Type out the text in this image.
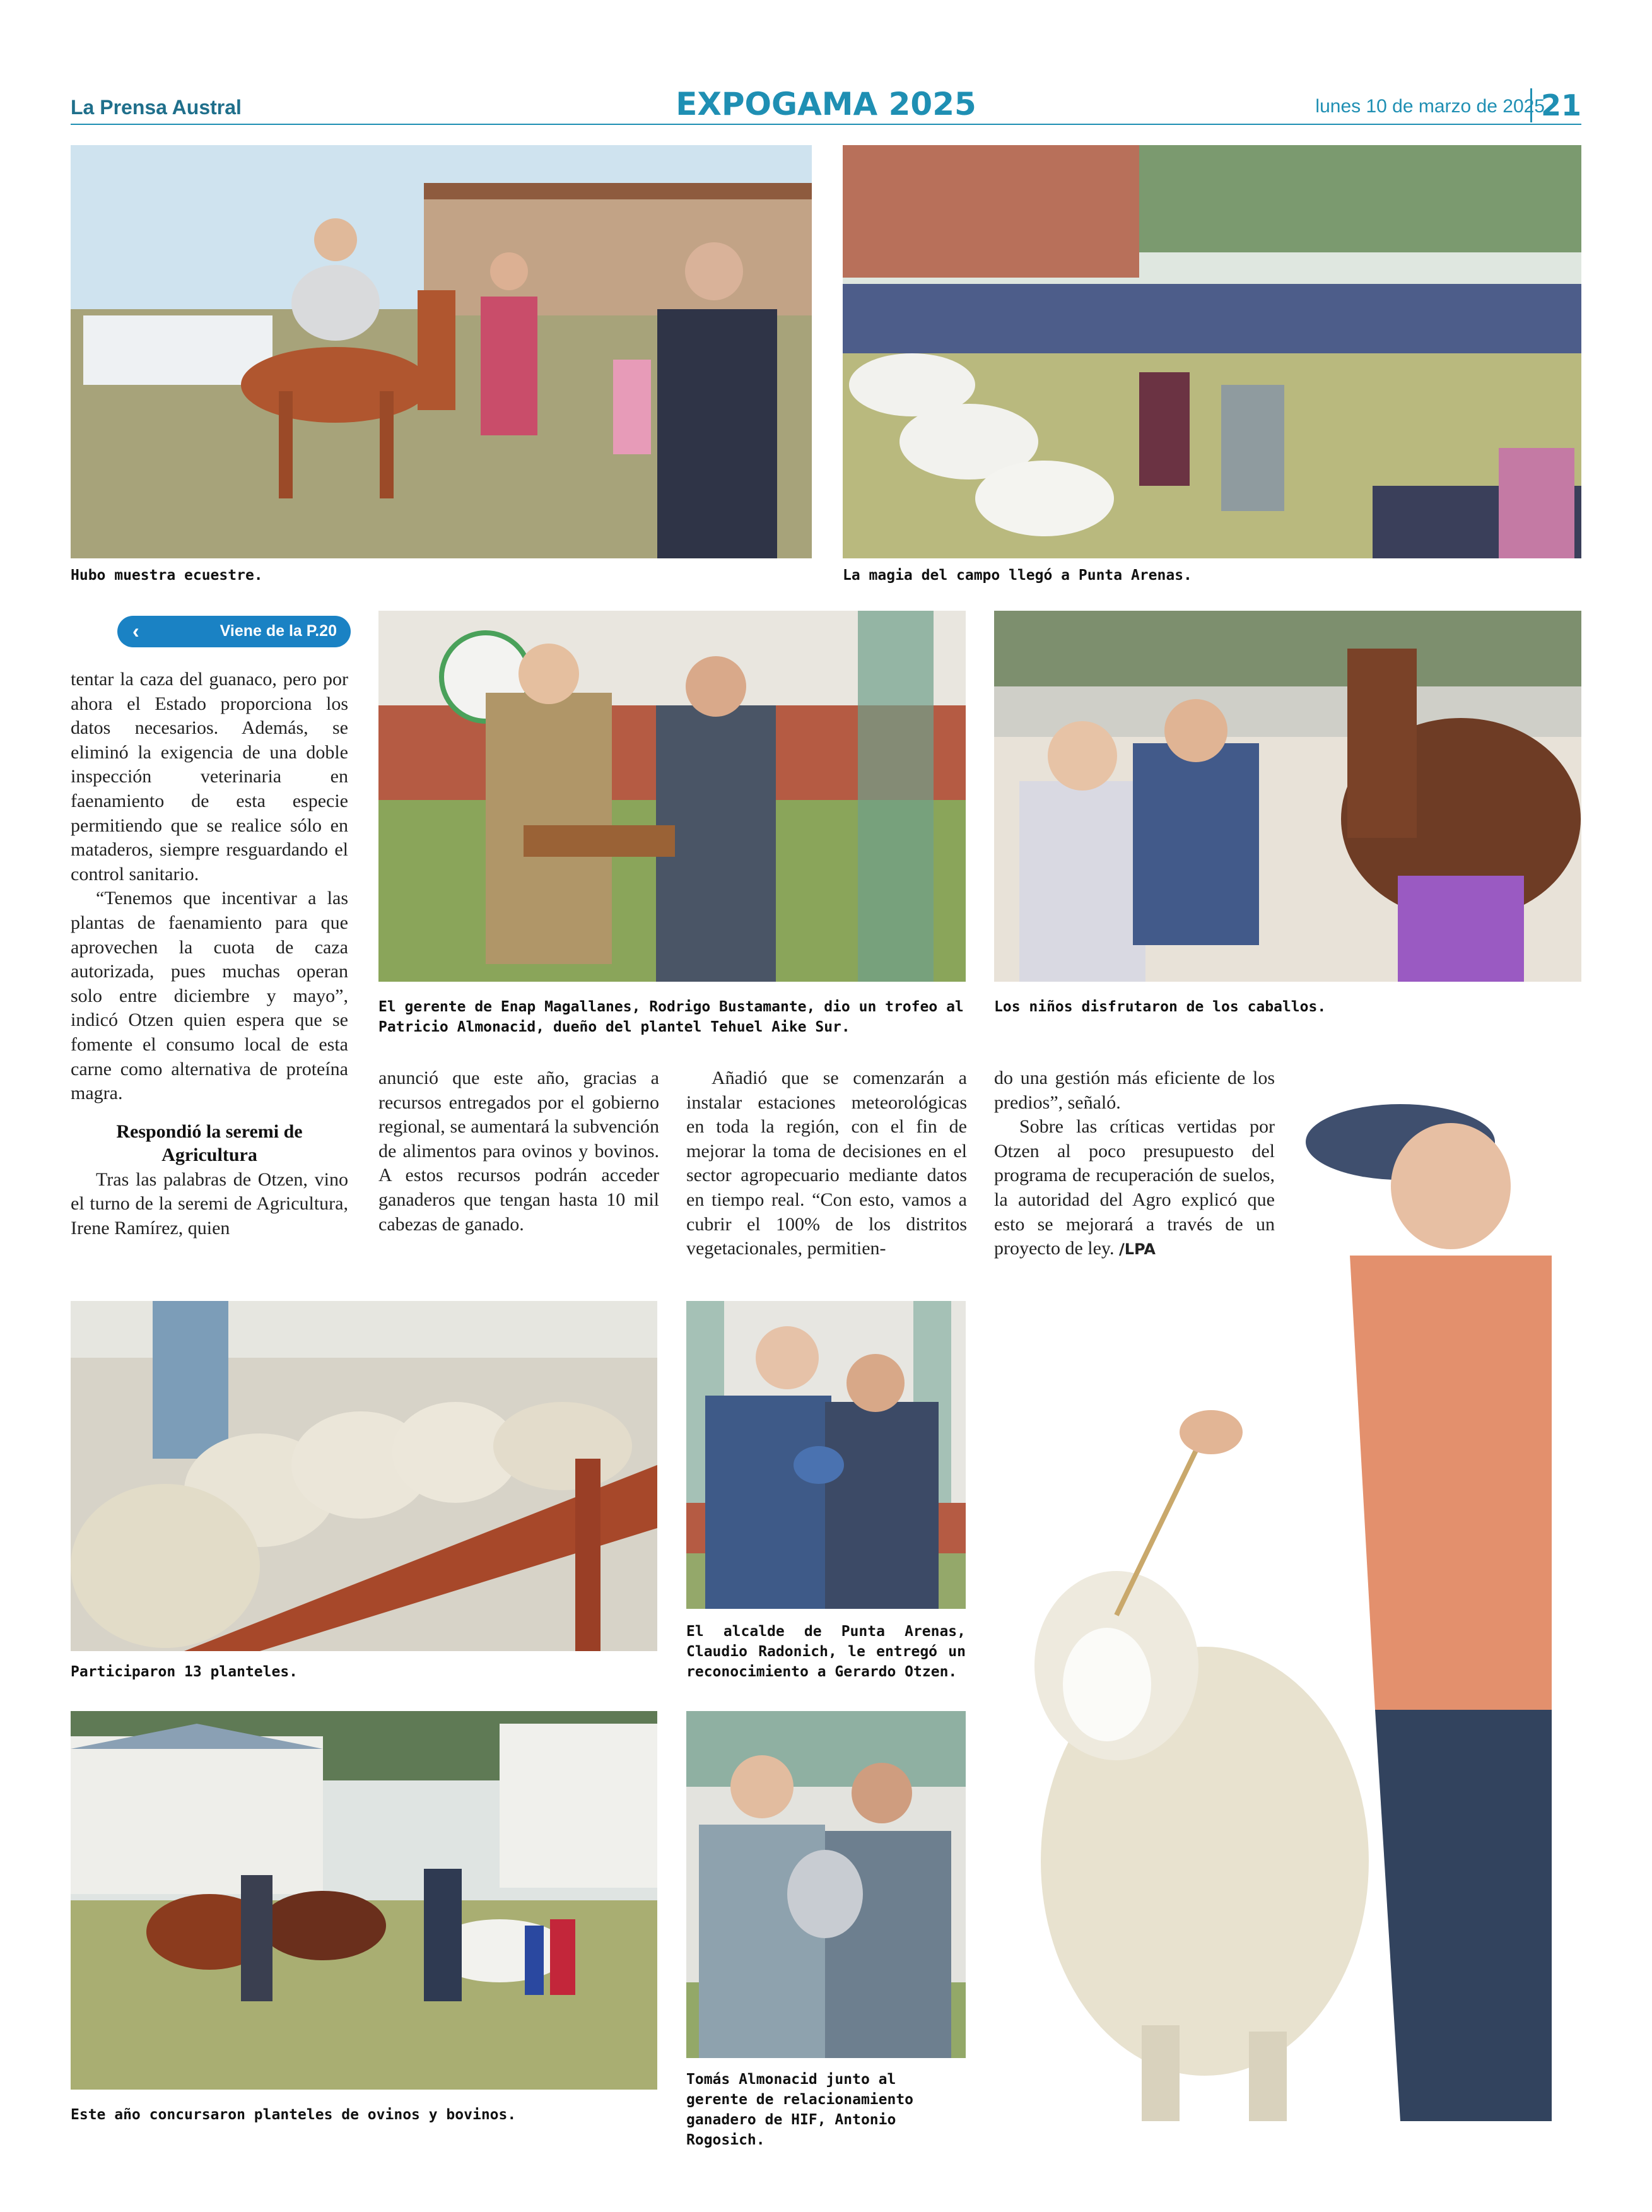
La Prensa Austral	EXPOGAMA 2025	lunes 10 de marzo de 2025
21
Hubo muestra ecuestre.	La magia del campo llegó a Punta Arenas.
‹	Viene de la P.20
El gerente de Enap Magallanes, Rodrigo Bustamante, dio un trofeo al Patricio Almonacid, dueño del plantel Tehuel Aike Sur.
Los niños disfrutaron de los caballos.

tentar la caza del guanaco, pero por ahora el Estado proporciona los datos necesarios. Además, se eliminó la exigencia de una doble inspección veterinaria en faenamiento de esta especie permitiendo que se realice sólo en mataderos, siempre resguardando el control sanitario.

“Tenemos que incentivar a las plantas de faenamiento para que aprovechen la cuota de caza autorizada, pues muchas operan solo entre diciembre y mayo”, indicó Otzen quien espera que se fomente el consumo local de esta carne como alternativa de proteína magra.

Respondió la seremi de Agricultura

Tras las palabras de Otzen, vino el turno de la seremi de Agricultura, Irene Ramírez, quien

anunció que este año, gracias a recursos entregados por el gobierno regional, se aumentará la subvención de alimentos para ovinos y bovinos. A estos recursos podrán acceder ganaderos que tengan hasta 10 mil cabezas de ganado.

Añadió que se comenzarán a instalar estaciones meteorológicas en toda la región, con el fin de mejorar la toma de decisiones en el sector agropecuario mediante datos en tiempo real. “Con esto, vamos a cubrir el 100% de los distritos vegetacionales, permitien-

do una gestión más eficiente de los predios”, señaló.

Sobre las críticas vertidas por Otzen al poco presupuesto del programa de recuperación de suelos, la autoridad del Agro explicó que esto se mejorará a través de un proyecto de ley. /LPA

Participaron 13 planteles.
El alcalde de Punta Arenas, Claudio Radonich, le entregó un reconocimiento a Gerardo Otzen.
Este año concursaron planteles de ovinos y bovinos.
Tomás Almonacid junto al gerente de relacionamiento ganadero de HIF, Antonio Rogosich.
